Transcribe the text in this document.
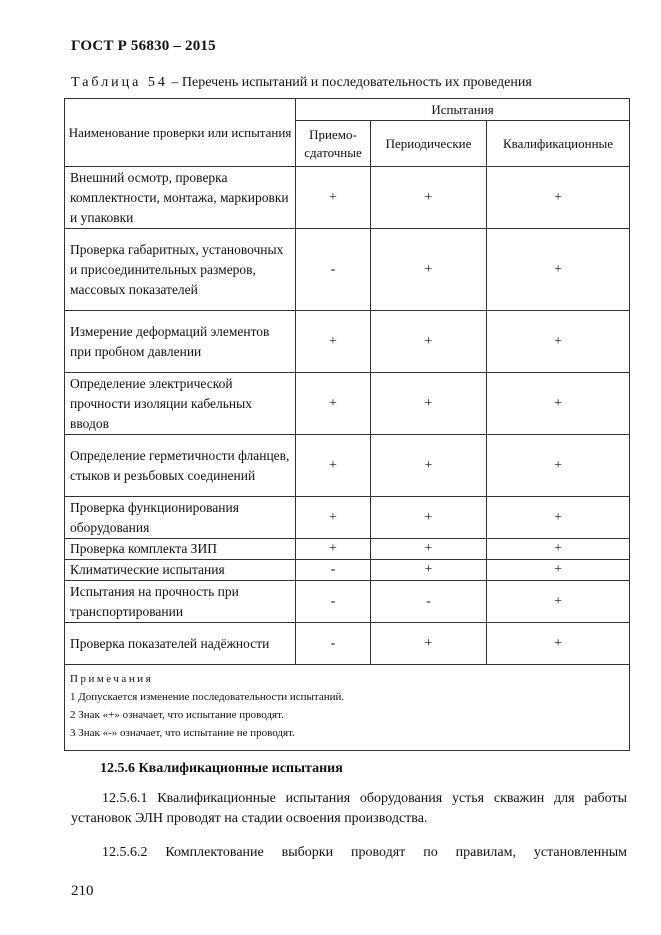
ГОСТ Р 56830 – 2015
Таблица 54 – Перечень испытаний и последовательность их проведения
Наименование проверки или испытания	Испытания		
	Приемо-сдаточные	Периодические	Квалификационные
Внешний осмотр, проверка комплектности, монтажа, маркировки и упаковки	+	+	+
Проверка габаритных, установочных и присоединительных размеров, массовых показателей	-	+	+
Измерение деформаций элементов при пробном давлении	+	+	+
Определение электрической прочности изоляции кабельных вводов	+	+	+
Определение герметичности фланцев, стыков и резьбовых соединений	+	+	+
Проверка функционирования оборудования	+	+	+
Проверка комплекта ЗИП	+	+	+
Климатические испытания	-	+	+
Испытания на прочность при транспортировании	-	-	+
Проверка показателей надёжности	-	+	+

Примечания
1 Допускается изменение последовательности испытаний.
2 Знак «+» означает, что испытание проводят.
3 Знак «-» означает, что испытание не проводят.			
12.5.6 Квалификационные испытания
12.5.6.1 Квалификационные испытания оборудования устья скважин для работы установок ЭЛН проводят на стадии освоения производства.
12.5.6.2 Комплектование выборки проводят по правилам, установленным
210
